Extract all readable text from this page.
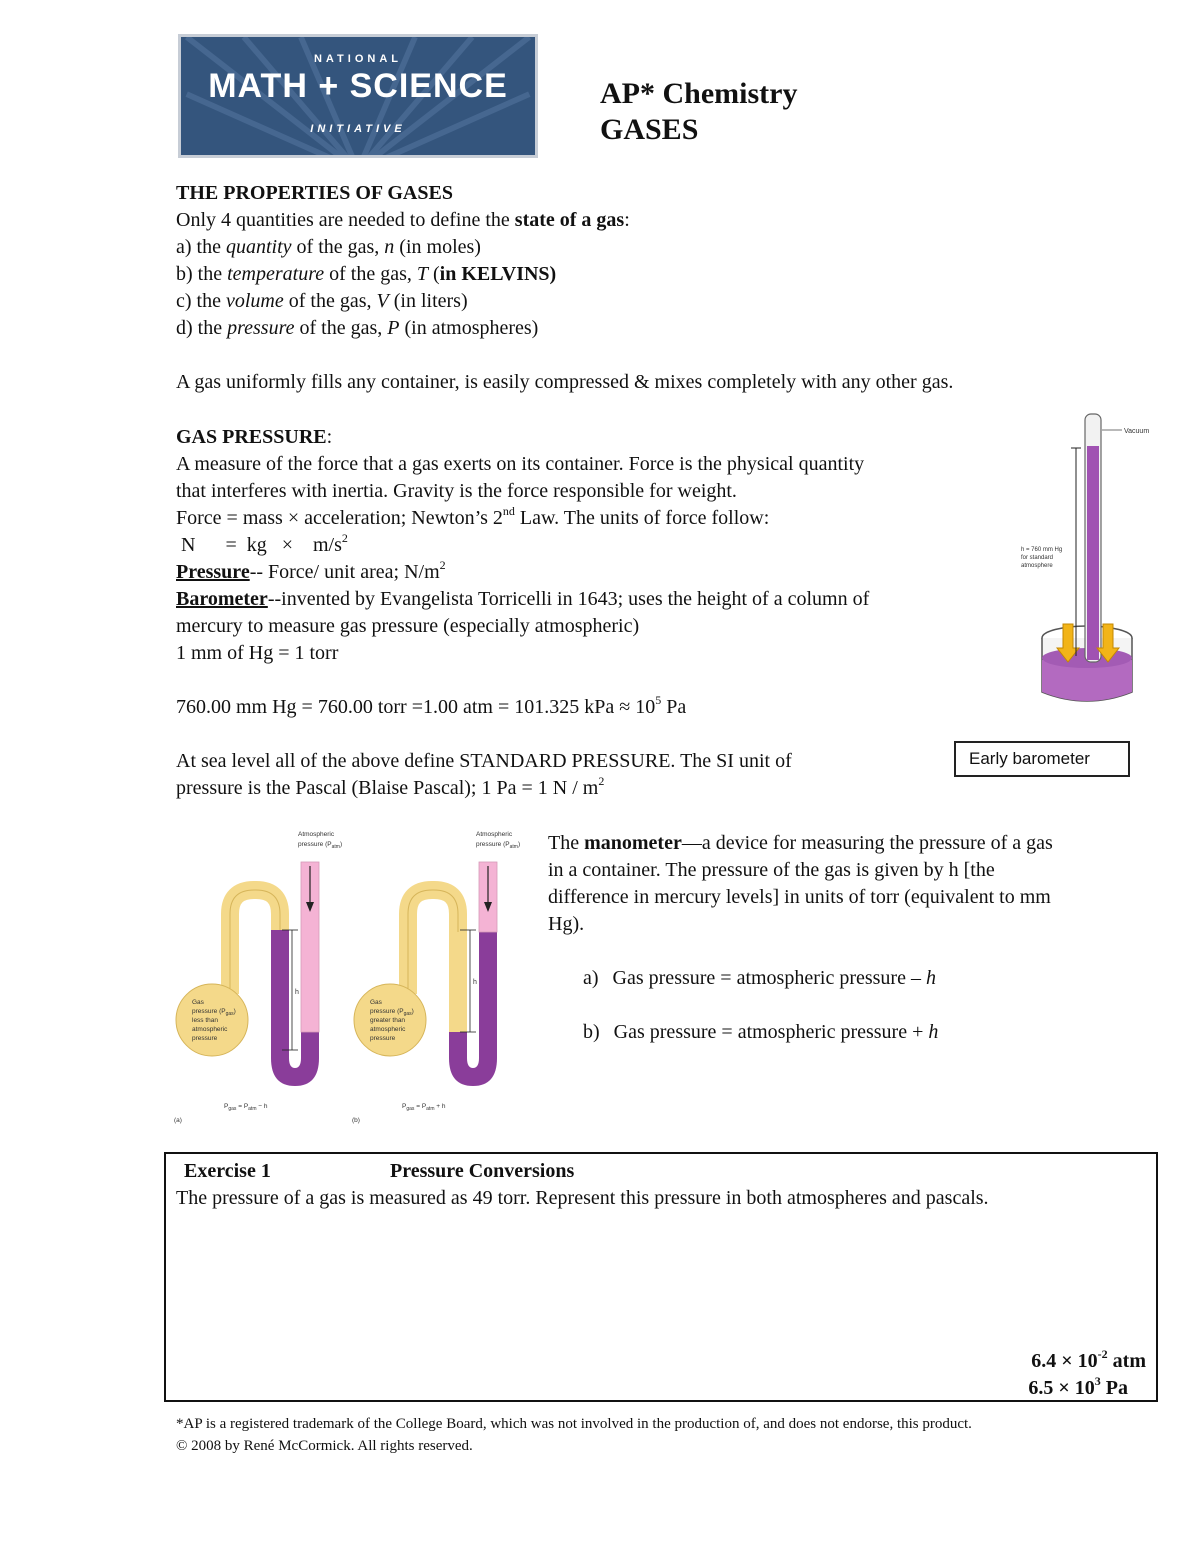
NATIONAL
MATH + SCIENCE
INITIATIVE
AP* Chemistry
GASES
THE PROPERTIES OF GASES
Only 4 quantities are needed to define the state of a gas:
a) the quantity of the gas, n (in moles)
b) the temperature of the gas, T (in KELVINS)
c) the volume of the gas, V (in liters)
d) the pressure of the gas, P (in atmospheres)
A gas uniformly fills any container, is easily compressed & mixes completely with any other gas.
GAS PRESSURE:
A measure of the force that a gas exerts on its container. Force is the physical quantity
that interferes with inertia. Gravity is the force responsible for weight.
Force = mass × acceleration; Newton’s 2nd Law. The units of force follow:
N      =  kg   ×    $m/s^2$
Pressure-- Force/ unit area; $N/m^2$
Barometer--invented by Evangelista Torricelli in 1643; uses the height of a column of
mercury to measure gas pressure (especially atmospheric)
1 mm of Hg = 1 torr
760.00 mm Hg = 760.00 torr =1.00 atm = 101.325 kPa ≈ $10^5$ Pa
At sea level all of the above define STANDARD PRESSURE. The SI unit of
pressure is the Pascal (Blaise Pascal); 1 Pa = 1 N / $m^2$
Vacuum
h = 760 mm Hg
for standard
atmosphere
Early barometer
h
Atmospheric
pressure $(P_{atm})$
Gas
pressure $(P_{gas})$
less than
atmospheric
pressure
$P_{gas} = P_{atm} - h$
(a)
h
Atmospheric
pressure $(P_{atm})$
Gas
pressure $(P_{gas})$
greater than
atmospheric
pressure
$P_{gas} = P_{atm} + h$
(b)
The manometer—a device for measuring the pressure of a gas
in a container. The pressure of the gas is given by h [the
difference in mercury levels] in units of torr (equivalent to mm
Hg).
a) Gas pressure = atmospheric pressure – h
b) Gas pressure = atmospheric pressure + h
Exercise 1	Pressure Conversions
The pressure of a gas is measured as 49 torr. Represent this pressure in both atmospheres and pascals.
$6.4 \times 10^{-2}$ atm
$6.5 \times 10^3$ Pa
*AP is a registered trademark of the College Board, which was not involved in the production of, and does not endorse, this product.
© 2008 by René McCormick. All rights reserved.
